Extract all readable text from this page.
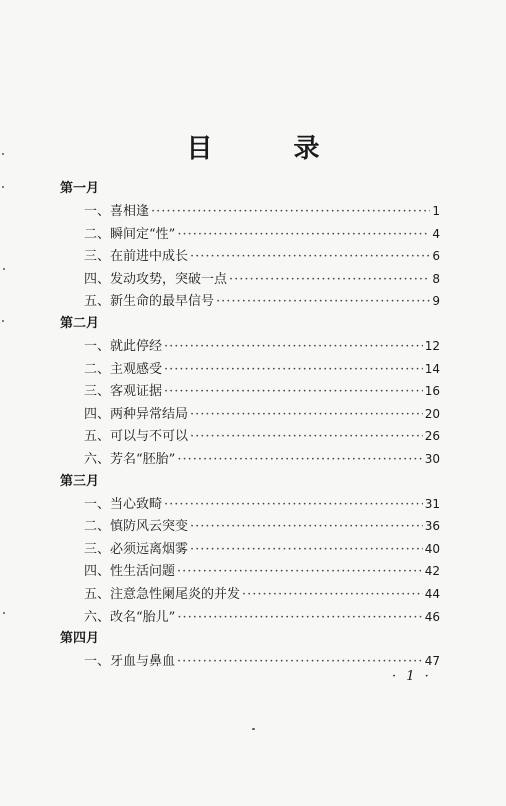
目 录
第一月
一、 喜相逢 ·····	1
二、 瞬间定“性” ·····	4
三、 在前进中成长 ·····	6
四、 发动攻势，突破一点 ·····	8
五、 新生命的最早信号 ·····	9
第二月
一、 就此停经 ·····	12
二、 主观感受 ·····	14
三、 客观证据 ·····	16
四、 两种异常结局 ·····	20
五、 可以与不可以 ·····	26
六、 芳名“胚胎” ·····	30
第三月
一、 当心致畸 ·····	31
二、 慎防风云突变 ·····	36
三、 必须远离烟雾 ·····	40
四、 性生活问题 ·····	42
五、 注意急性阑尾炎的并发 ·····	44
六、 改名“胎儿” ·····	46
第四月
一、 牙血与鼻血 ·····	47
· 1 ·
